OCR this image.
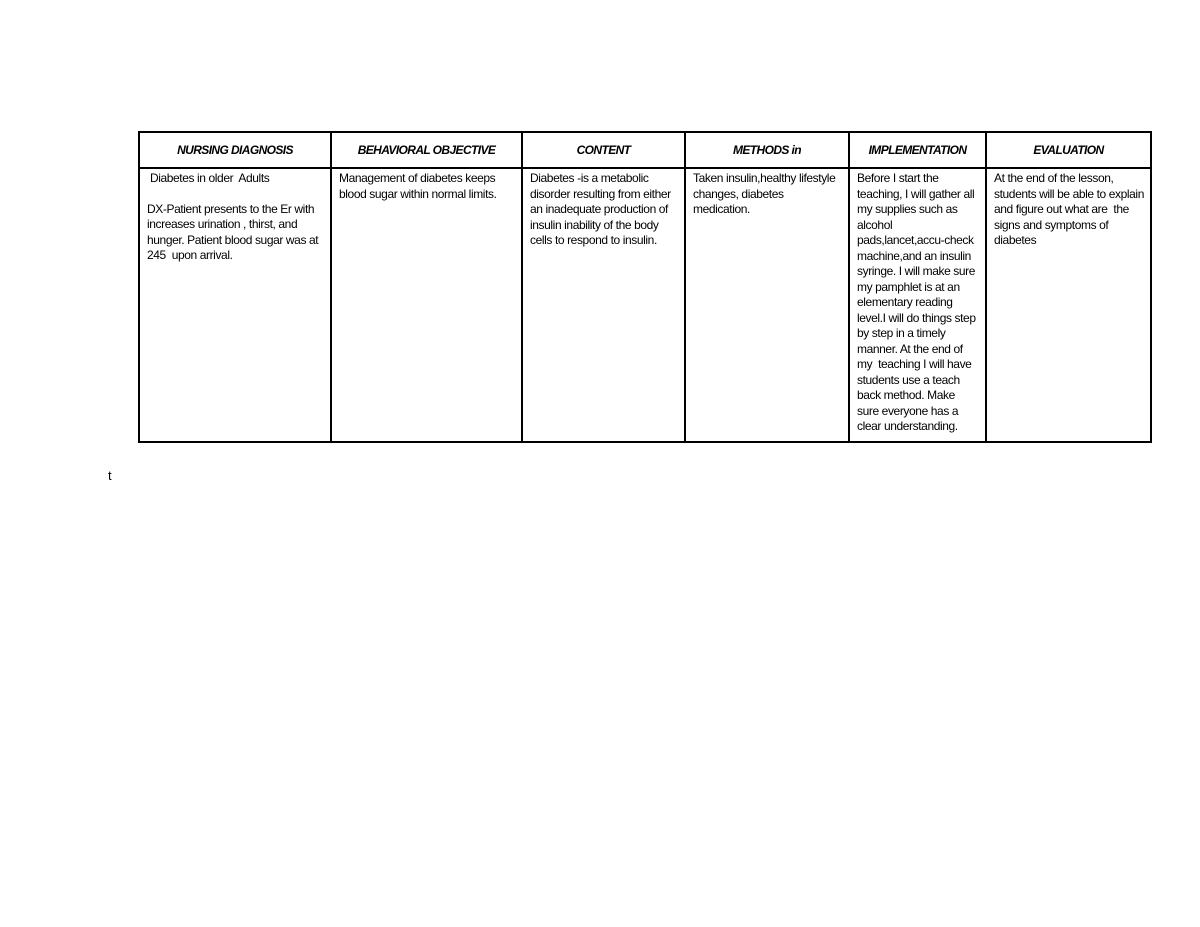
NURSING DIAGNOSIS	BEHAVIORAL OBJECTIVE	CONTENT	METHODS in	IMPLEMENTATION	EVALUATION

Diabetes in older  Adults

DX-Patient presents to the Er with increases urination , thirst, and hunger. Patient blood sugar was at 245  upon arrival.	Management of diabetes keeps blood sugar within normal limits.	Diabetes -is a metabolic disorder resulting from either an inadequate production of insulin inability of the body cells to respond to insulin.	Taken insulin,healthy lifestyle changes, diabetes medication.	Before I start the teaching, I will gather all my supplies such as alcohol pads,lancet,accu-check machine,and an insulin syringe. I will make sure my pamphlet is at an elementary reading level.I will do things step by step in a timely manner. At the end of my  teaching I will have students use a teach back method. Make sure everyone has a clear understanding.	At the end of the lesson, students will be able to explain and figure out what are  the signs and symptoms of diabetes

t
